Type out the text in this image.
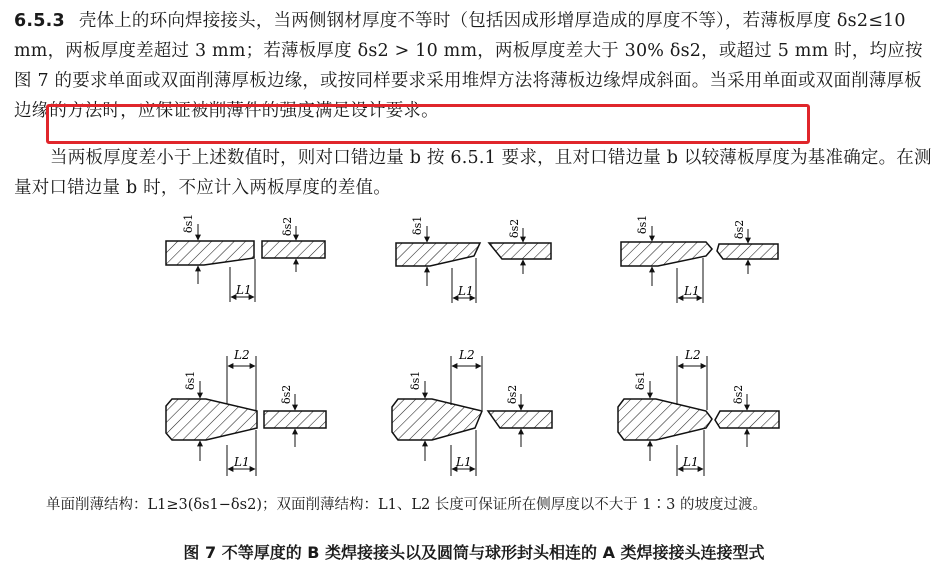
6.5.3 壳体上的环向焊接接头，当两侧钢材厚度不等时（包括因成形增厚造成的厚度不等），若薄板厚度 δs2≤10 mm，两板厚度差超过 3 mm；若薄板厚度 δs2 > 10 mm，两板厚度差大于 30% δs2，或超过 5 mm 时，均应按图 7 的要求单面或双面削薄厚板边缘，或按同样要求采用堆焊方法将薄板边缘焊成斜面。当采用单面或双面削薄厚板边缘的方法时，应保证被削薄件的强度满足设计要求。
当两板厚度差小于上述数值时，则对口错边量 b 按 6.5.1 要求，且对口错边量 b 以较薄板厚度为基准确定。在测量对口错边量 b 时，不应计入两板厚度的差值。
δs1	δs2
L1
δs1	δs2
L1
δs1	δs2
L1
δs1
δs2
L2
L1
δs1
δs2
L2
L1
δs1
δs2
L2
L1
单面削薄结构：L1≥3(δs1−δs2)；双面削薄结构：L1、L2 长度可保证所在侧厚度以不大于 1∶3 的坡度过渡。
图 7 不等厚度的 B 类焊接接头以及圆筒与球形封头相连的 A 类焊接接头连接型式
